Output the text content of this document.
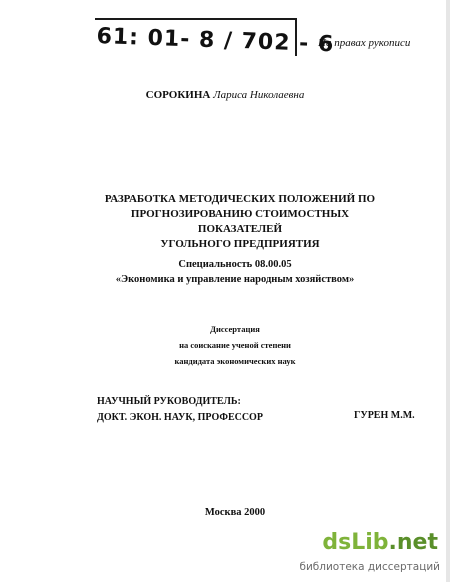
61: 01- 8 / 702 - 6
На правах рукописи
СОРОКИНА Лариса Николаевна
РАЗРАБОТКА МЕТОДИЧЕСКИХ ПОЛОЖЕНИЙ ПО
ПРОГНОЗИРОВАНИЮ СТОИМОСТНЫХ ПОКАЗАТЕЛЕЙ
УГОЛЬНОГО ПРЕДПРИЯТИЯ
Специальность 08.00.05
«Экономика и управление народным хозяйством»
Диссертация
на соискание ученой степени
кандидата экономических наук
НАУЧНЫЙ РУКОВОДИТЕЛЬ:
ДОКТ. ЭКОН. НАУК, ПРОФЕССОР	ГУРЕН М.М.
Москва 2000
dsLib.net
библиотека диссертаций
